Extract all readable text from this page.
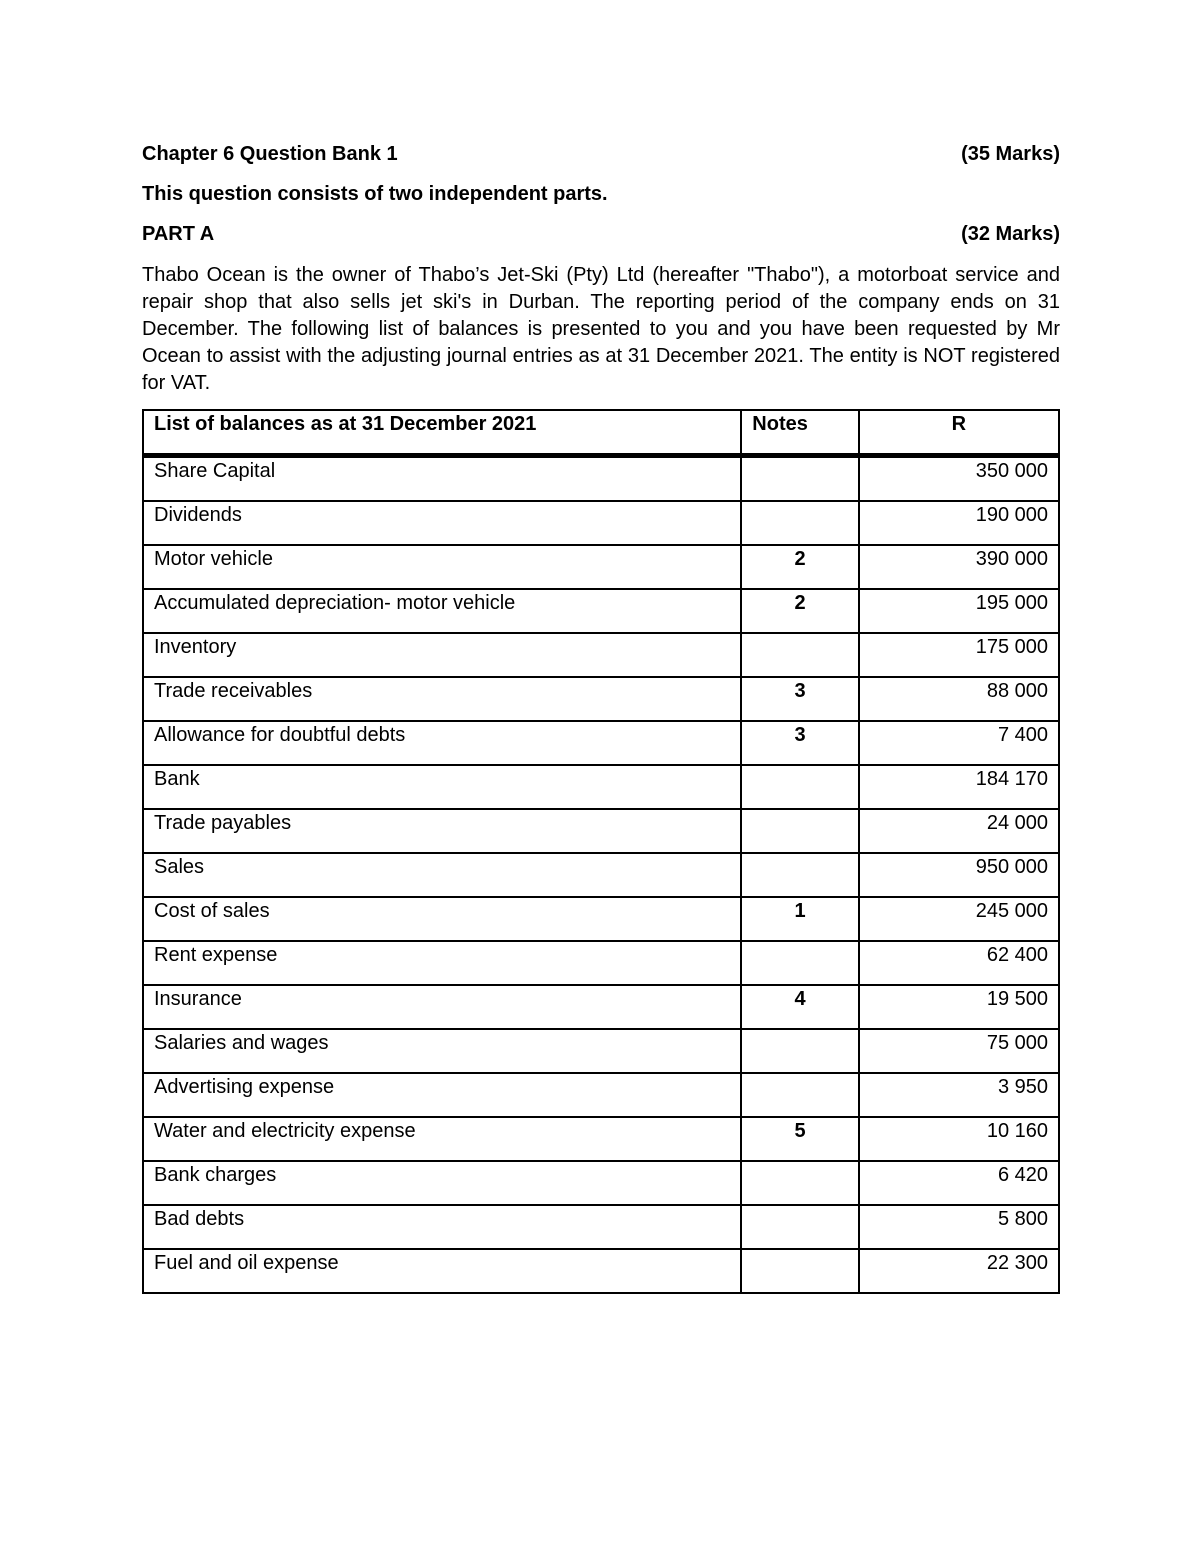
Chapter 6 Question Bank 1	(35 Marks)
This question consists of two independent parts.
PART A	(32 Marks)
Thabo Ocean is the owner of Thabo’s Jet-Ski (Pty) Ltd (hereafter "Thabo"), a motorboat service and repair shop that also sells jet ski's in Durban. The reporting period of the company ends on 31 December. The following list of balances is presented to you and you have been requested by Mr Ocean to assist with the adjusting journal entries as at 31 December 2021. The entity is NOT registered for VAT.
List of balances as at 31 December 2021	Notes	R
Share Capital		350 000
Dividends		190 000
Motor vehicle	2	390 000
Accumulated depreciation- motor vehicle	2	195 000
Inventory		175 000
Trade receivables	3	88 000
Allowance for doubtful debts	3	7 400
Bank		184 170
Trade payables		24 000
Sales		950 000
Cost of sales	1	245 000
Rent expense		62 400
Insurance	4	19 500
Salaries and wages		75 000
Advertising expense		3 950
Water and electricity expense	5	10 160
Bank charges		6 420
Bad debts		5 800
Fuel and oil expense		22 300
